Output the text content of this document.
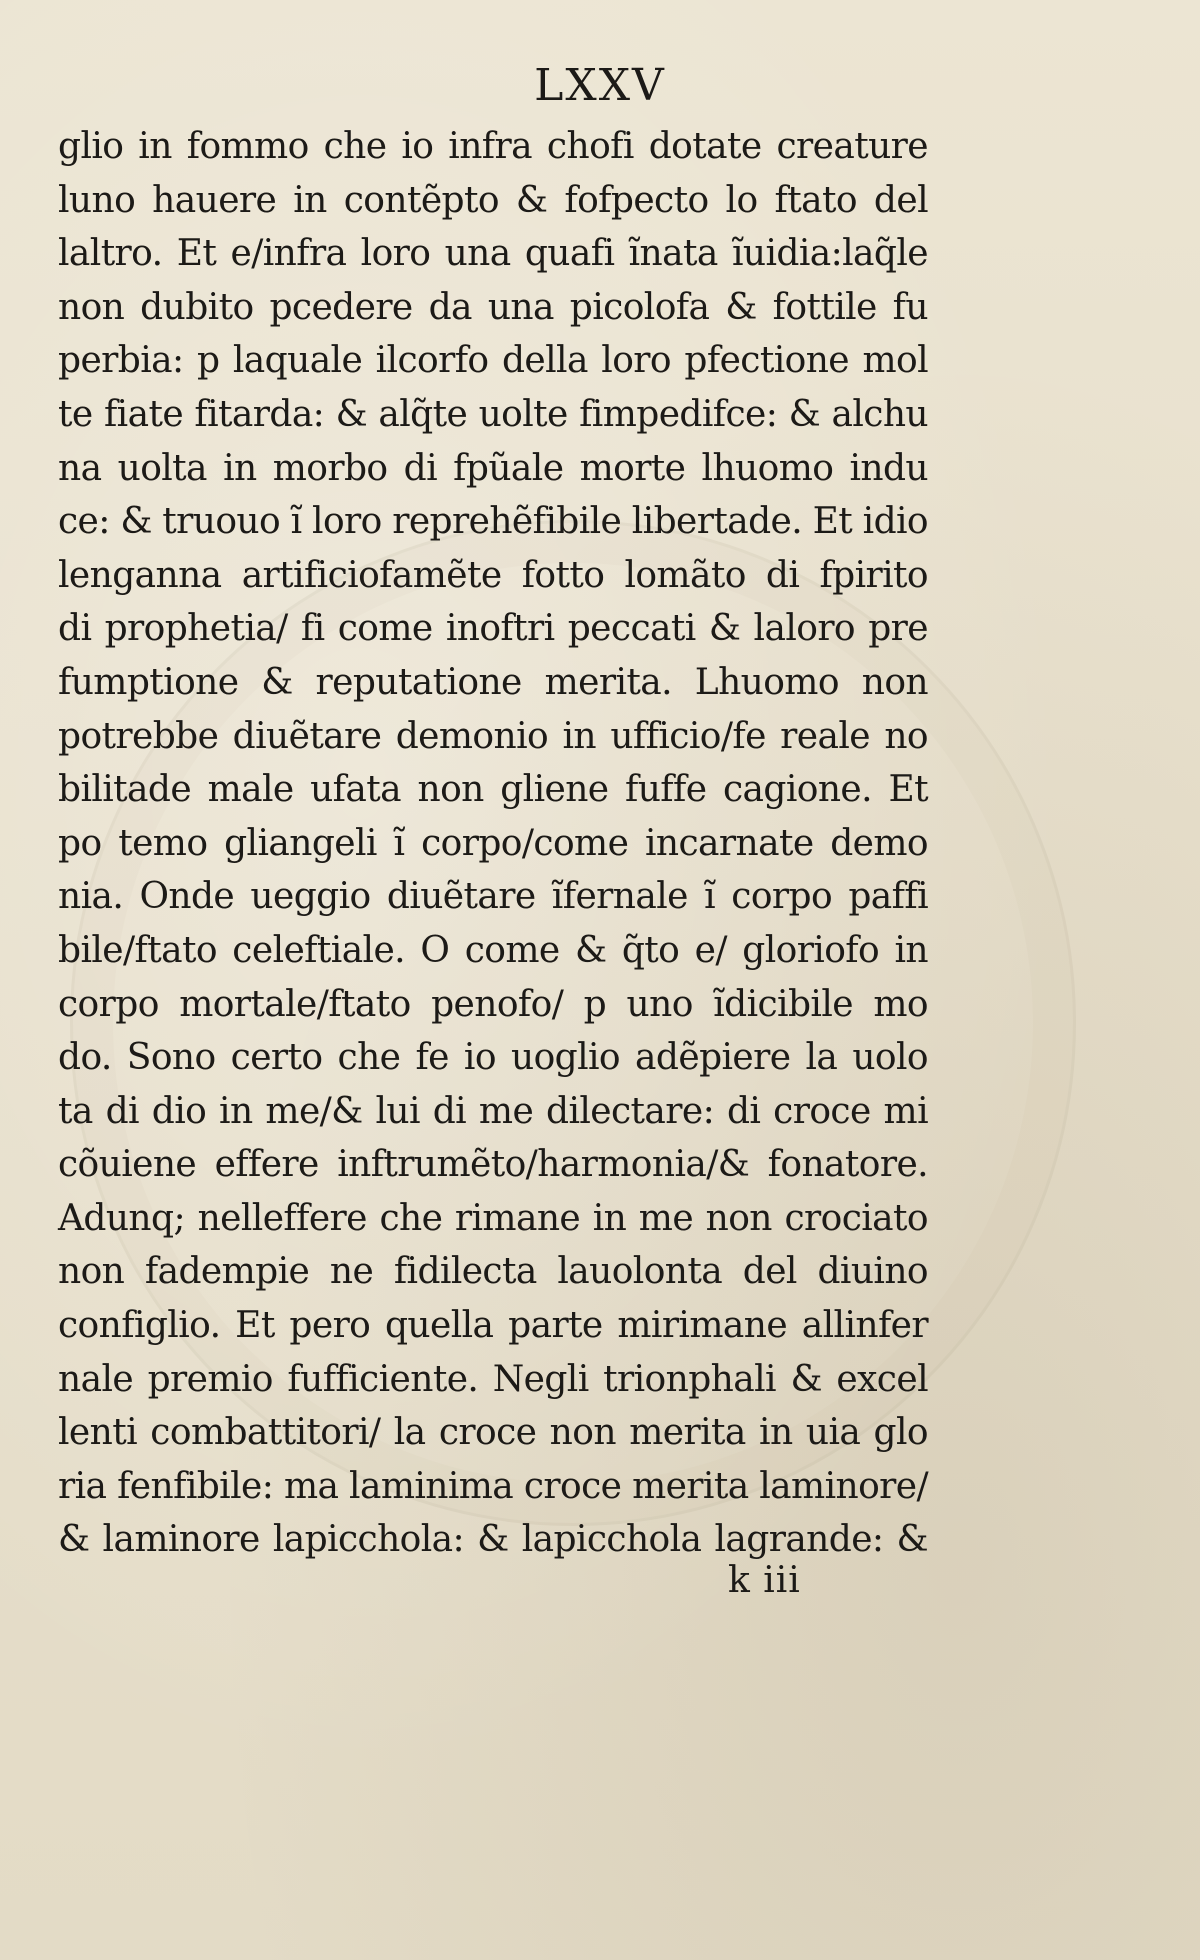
LXXV
glio in fommo che io infra chofi dotate creature
luno hauere in contẽpto & fofpecto lo ftato del
laltro. Et e/infra loro una quafi ĩnata ĩuidia:laq̃le
non dubito pcedere da una picolofa & fottile fu
perbia: p laquale ilcorfo della loro pfectione mol
te fiate fitarda: & alq̃te uolte fimpedifce: & alchu
na uolta in morbo di fpũale morte lhuomo indu
ce: & truouo ĩ loro reprehẽfibile libertade. Et idio
lenganna artificiofamẽte fotto lomãto di fpirito
di prophetia/ fi come inoftri peccati & laloro pre
fumptione & reputatione merita. Lhuomo non
potrebbe diuẽtare demonio in ufficio/fe reale no
bilitade male ufata non gliene fuffe cagione. Et
po temo gliangeli ĩ corpo/come incarnate demo
nia. Onde ueggio diuẽtare ĩfernale ĩ corpo paffi
bile/ftato celeftiale. O come & q̃to e/ gloriofo in
corpo mortale/ftato penofo/ p uno ĩdicibile mo
do. Sono certo che fe io uoglio adẽpiere la uolo
ta di dio in me/& lui di me dilectare: di croce mi
cõuiene effere inftrumẽto/harmonia/& fonatore.
Adunq; nelleffere che rimane in me non crociato
non fadempie ne fidilecta lauolonta del diuino
configlio. Et pero quella parte mirimane allinfer
nale premio fufficiente. Negli trionphali & excel
lenti combattitori/ la croce non merita in uia glo
ria fenfibile: ma laminima croce merita laminore/
& laminore lapicchola: & lapicchola lagrande: &
k iii
